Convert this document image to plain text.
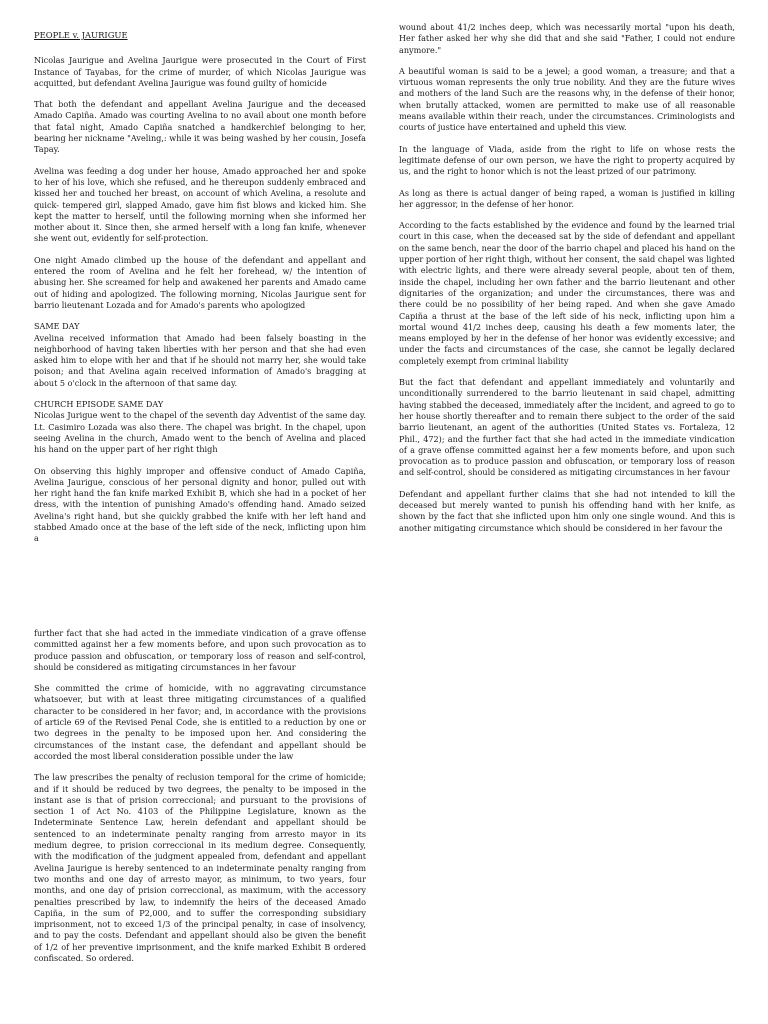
PEOPLE v. JAURIGUE

Nicolas Jaurigue and Avelina Jaurigue were prosecuted in the Court of First Instance of Tayabas, for the crime of murder, of which Nicolas Jaurigue was acquitted, but defendant Avelina Jaurigue was found guilty of homicide

That both the defendant and appellant Avelina Jaurigue and the deceased Amado Capiña. Amado was courting Avelina to no avail about one month before that fatal night, Amado Capiña snatched a handkerchief belonging to her, bearing her nickname "Aveling,: while it was being washed by her cousin, Josefa Tapay.

Avelina was feeding a dog under her house, Amado approached her and spoke to her of his love, which she refused, and he thereupon suddenly embraced and kissed her and touched her breast, on account of which Avelina, a resolute and quick- tempered girl, slapped Amado, gave him fist blows and kicked him. She kept the matter to herself, until the following morning when she informed her mother about it. Since then, she armed herself with a long fan knife, whenever she went out, evidently for self-protection.

One night Amado climbed up the house of the defendant and appellant and entered the room of Avelina and he felt her forehead, w/ the intention of abusing her. She screamed for help and awakened her parents and Amado came out of hiding and apologized. The following morning, Nicolas Jaurigue sent for barrio lieutenant Lozada and for Amado's parents who apologized

SAME DAY
Avelina received information that Amado had been falsely boasting in the neighborhood of having taken liberties with her person and that she had even asked him to elope with her and that if he should not marry her, she would take poison; and that Avelina again received information of Amado's bragging at about 5 o'clock in the afternoon of that same day.

CHURCH EPISODE SAME DAY
Nicolas Jurigue went to the chapel of the seventh day Adventist of the same day. Lt. Casimiro Lozada was also there. The chapel was bright. In the chapel, upon seeing Avelina in the church, Amado went to the bench of Avelina and placed his hand on the upper part of her right thigh

On observing this highly improper and offensive conduct of Amado Capiña, Avelina Jaurigue, conscious of her personal dignity and honor, pulled out with her right hand the fan knife marked Exhibit B, which she had in a pocket of her dress, with the intention of punishing Amado's offending hand. Amado seized Avelina's right hand, but she quickly grabbed the knife with her left hand and stabbed Amado once at the base of the left side of the neck, inflicting upon him a

wound about 41/2 inches deep, which was necessarily mortal "upon his death, Her father asked her why she did that and she said "Father, I could not endure anymore."

A beautiful woman is said to be a jewel; a good woman, a treasure; and that a virtuous woman represents the only true nobility. And they are the future wives and mothers of the land Such are the reasons why, in the defense of their honor, when brutally attacked, women are permitted to make use of all reasonable means available within their reach, under the circumstances. Criminologists and courts of justice have entertained and upheld this view.

In the language of Viada, aside from the right to life on whose rests the legitimate defense of our own person, we have the right to property acquired by us, and the right to honor which is not the least prized of our patrimony.

As long as there is actual danger of being raped, a woman is justified in killing her aggressor, in the defense of her honor.

According to the facts established by the evidence and found by the learned trial court in this case, when the deceased sat by the side of defendant and appellant on the same bench, near the door of the barrio chapel and placed his hand on the upper portion of her right thigh, without her consent, the said chapel was lighted with electric lights, and there were already several people, about ten of them, inside the chapel, including her own father and the barrio lieutenant and other dignitaries of the organization; and under the circumstances, there was and there could be no possibility of her being raped. And when she gave Amado Capiña a thrust at the base of the left side of his neck, inflicting upon him a mortal wound 41/2 inches deep, causing his death a few moments later, the means employed by her in the defense of her honor was evidently excessive; and under the facts and circumstances of the case, she cannot be legally declared completely exempt from criminal liability

But the fact that defendant and appellant immediately and voluntarily and unconditionally surrendered to the barrio lieutenant in said chapel, admitting having stabbed the deceased, immediately after the incident, and agreed to go to her house shortly thereafter and to remain there subject to the order of the said barrio lieutenant, an agent of the authorities (United States vs. Fortaleza, 12 Phil., 472); and the further fact that she had acted in the immediate vindication of a grave offense committed against her a few moments before, and upon such provocation as to produce passion and obfuscation, or temporary loss of reason and self-control, should be considered as mitigating circumstances in her favour

Defendant and appellant further claims that she had not intended to kill the deceased but merely wanted to punish his offending hand with her knife, as shown by the fact that she inflicted upon him only one single wound. And this is another mitigating circumstance which should be considered in her favour the

further fact that she had acted in the immediate vindication of a grave offense committed against her a few moments before, and upon such provocation as to produce passion and obfuscation, or temporary loss of reason and self-control, should be considered as mitigating circumstances in her favour

She committed the crime of homicide, with no aggravating circumstance whatsoever, but with at least three mitigating circumstances of a qualified character to be considered in her favor; and, in accordance with the provisions of article 69 of the Revised Penal Code, she is entitled to a reduction by one or two degrees in the penalty to be imposed upon her. And considering the circumstances of the instant case, the defendant and appellant should be accorded the most liberal consideration possible under the law

The law prescribes the penalty of reclusion temporal for the crime of homicide; and if it should be reduced by two degrees, the penalty to be imposed in the instant ase is that of prision correccional; and pursuant to the provisions of section 1 of Act No. 4103 of the Philippine Legislature, known as the Indeterminate Sentence Law, herein defendant and appellant should be sentenced to an indeterminate penalty ranging from arresto mayor in its medium degree, to prision correccional in its medium degree. Consequently, with the modification of the judgment appealed from, defendant and appellant Avelina Jaurigue is hereby sentenced to an indeterminate penalty ranging from two months and one day of arresto mayor, as minimum, to two years, four months, and one day of prision correccional, as maximum, with the accessory penalties prescribed by law, to indemnify the heirs of the deceased Amado Capiña, in the sum of P2,000, and to suffer the corresponding subsidiary imprisonment, not to exceed 1/3 of the principal penalty, in case of insolvency, and to pay the costs. Defendant and appellant should also be given the benefit of 1/2 of her preventive imprisonment, and the knife marked Exhibit B ordered confiscated. So ordered.
